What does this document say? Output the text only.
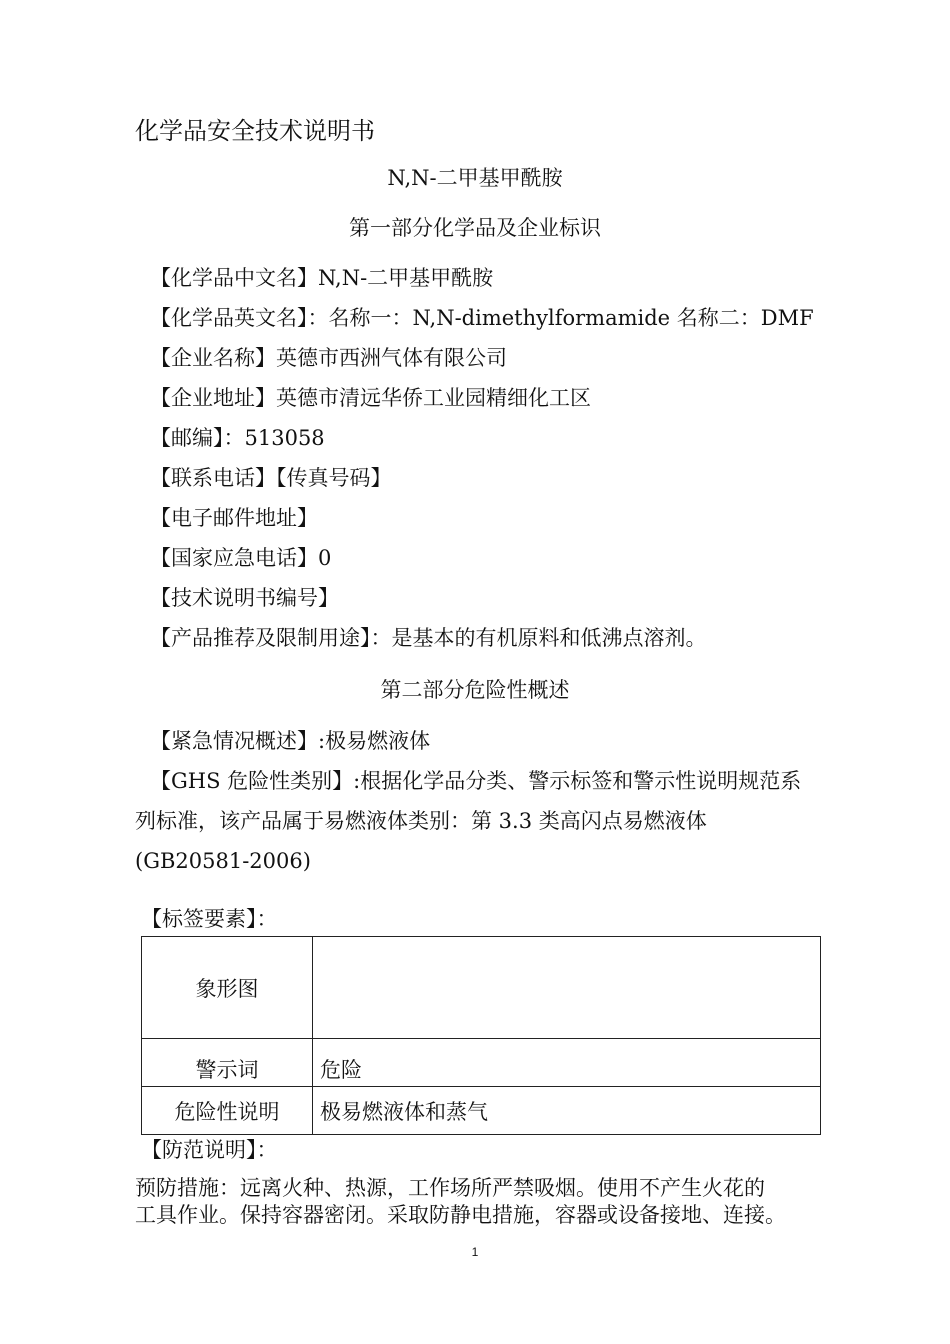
化学品安全技术说明书
N,N-二甲基甲酰胺
第一部分化学品及企业标识
【化学品中文名】N,N-二甲基甲酰胺
【化学品英文名】：名称一：N,N-dimethylformamide 名称二：DMF
【企业名称】英德市西洲气体有限公司
【企业地址】英德市清远华侨工业园精细化工区
【邮编】：513058
【联系电话】【传真号码】
【电子邮件地址】
【国家应急电话】0
【技术说明书编号】
【产品推荐及限制用途】：是基本的有机原料和低沸点溶剂。
第二部分危险性概述
【紧急情况概述】:极易燃液体
【GHS 危险性类别】:根据化学品分类、警示标签和警示性说明规范系
列标准，该产品属于易燃液体类别：第 3.3 类高闪点易燃液体
(GB20581-2006)
【标签要素】：
象形图	
警示词	危险
危险性说明	极易燃液体和蒸气
【防范说明】：
预防措施：远离火种、热源，工作场所严禁吸烟。使用不产生火花的
工具作业。保持容器密闭。采取防静电措施，容器或设备接地、连接。
1
